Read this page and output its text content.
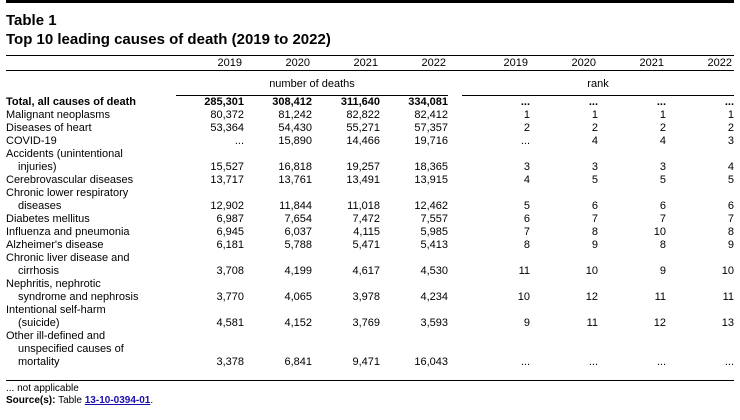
Table 1
Top 10 leading causes of death (2019 to 2022)
	2019	2020	2021	2022		2019	2020	2021	2022

	number of deaths					rank			

Total, all causes of death	285,301	308,412	311,640	334,081		...	...	...	...

Malignant neoplasms	80,372	81,242	82,822	82,412		1	1	1	1

Diseases of heart	53,364	54,430	55,271	57,357		2	2	2	2

COVID-19	...	15,890	14,466	19,716		...	4	4	3

Accidents (unintentional
injuries)	15,527	16,818	19,257	18,365		3	3	3	4

Cerebrovascular diseases	13,717	13,761	13,491	13,915		4	5	5	5

Chronic lower respiratory
diseases	12,902	11,844	11,018	12,462		5	6	6	6

Diabetes mellitus	6,987	7,654	7,472	7,557		6	7	7	7

Influenza and pneumonia	6,945	6,037	4,115	5,985		7	8	10	8

Alzheimer's disease	6,181	5,788	5,471	5,413		8	9	8	9

Chronic liver disease and
cirrhosis	3,708	4,199	4,617	4,530		11	10	9	10

Nephritis, nephrotic
syndrome and nephrosis	3,770	4,065	3,978	4,234		10	12	11	11

Intentional self-harm
(suicide)	4,581	4,152	3,769	3,593		9	11	12	13

Other ill-defined and
unspecified causes of
mortality	3,378	6,841	9,471	16,043		...	...	...	...
... not applicable
Source(s): Table 13-10-0394-01.
